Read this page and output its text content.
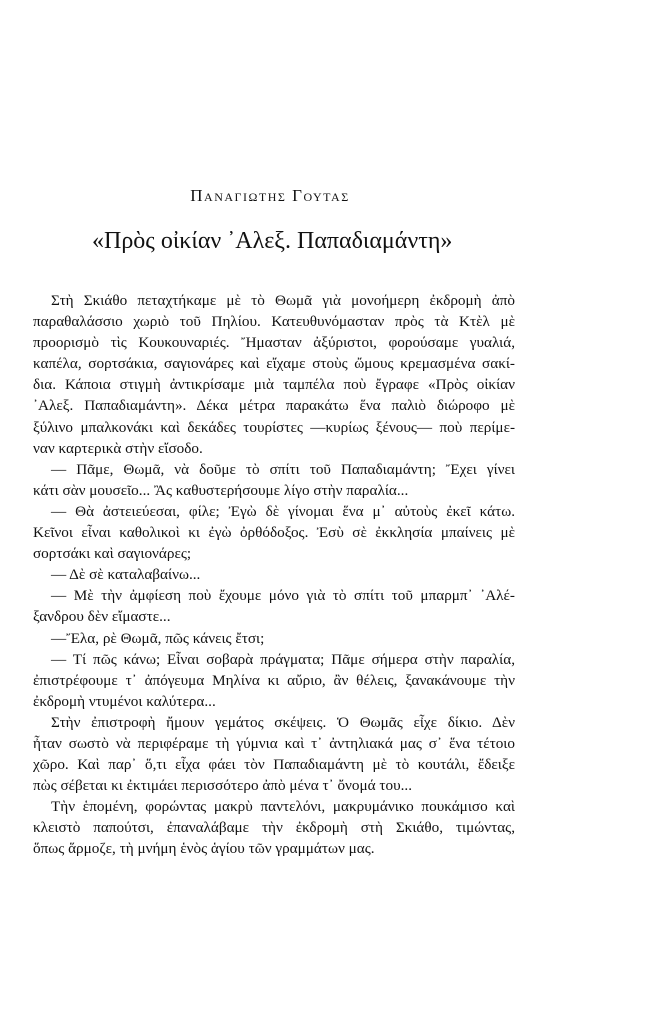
Παναγιωτης Γουτας
«Πρὸς οἰκίαν ᾿Αλεξ. Παπαδιαμάντη»
Στὴ Σκιάθο πεταχτήκαμε μὲ τὸ Θωμᾶ γιὰ μονοήμερη ἐκδρομὴ ἀπὸ
παραθαλάσσιο χωριὸ τοῦ Πηλίου. Κατευθυνόμασταν πρὸς τὰ Κτὲλ μὲ
προορισμὸ τὶς Κουκουναριές. Ἤμασταν ἀξύριστοι, φορούσαμε γυαλιά,
καπέλα, σορτσάκια, σαγιονάρες καὶ εἴχαμε στοὺς ὤμους κρεμασμένα σακί-
δια. Κάποια στιγμὴ ἀντικρίσαμε μιὰ ταμπέλα ποὺ ἔγραφε «Πρὸς οἰκίαν
᾿Αλεξ. Παπαδιαμάντη». Δέκα μέτρα παρακάτω ἕνα παλιὸ διώροφο μὲ
ξύλινο μπαλκονάκι καὶ δεκάδες τουρίστες —κυρίως ξένους— ποὺ περίμε-
ναν καρτερικὰ στὴν εἴσοδο.
— Πᾶμε, Θωμᾶ, νὰ δοῦμε τὸ σπίτι τοῦ Παπαδιαμάντη; Ἔχει γίνει
κάτι σὰν μουσεῖο... Ἂς καθυστερήσουμε λίγο στὴν παραλία...
— Θὰ ἀστειεύεσαι, φίλε; Ἐγὼ δὲ γίνομαι ἕνα μ᾽ αὐτοὺς ἐκεῖ κάτω.
Κεῖνοι εἶναι καθολικοὶ κι ἐγὼ ὀρθόδοξος. Ἐσὺ σὲ ἐκκλησία μπαίνεις μὲ
σορτσάκι καὶ σαγιονάρες;
— Δὲ σὲ καταλαβαίνω...
— Μὲ τὴν ἀμφίεση ποὺ ἔχουμε μόνο γιὰ τὸ σπίτι τοῦ μπαρμπ᾽ ᾿Αλέ-
ξανδρου δὲν εἴμαστε...
—Ἔλα, ρὲ Θωμᾶ, πῶς κάνεις ἔτσι;
— Τί πῶς κάνω; Εἶναι σοβαρὰ πράγματα; Πᾶμε σήμερα στὴν παραλία,
ἐπιστρέφουμε τ᾽ ἀπόγευμα Μηλίνα κι αὔριο, ἂν θέλεις, ξανακάνουμε τὴν
ἐκδρομὴ ντυμένοι καλύτερα...
Στὴν ἐπιστροφὴ ἤμουν γεμάτος σκέψεις. Ὁ Θωμᾶς εἶχε δίκιο. Δὲν
ἦταν σωστὸ νὰ περιφέραμε τὴ γύμνια καὶ τ᾽ ἀντηλιακά μας σ᾽ ἕνα τέτοιο
χῶρο. Καὶ παρ᾽ ὅ,τι εἶχα φάει τὸν Παπαδιαμάντη μὲ τὸ κουτάλι, ἔδειξε
πὼς σέβεται κι ἐκτιμάει περισσότερο ἀπὸ μένα τ᾽ ὄνομά του...
Τὴν ἑπομένη, φορώντας μακρὺ παντελόνι, μακρυμάνικο πουκάμισο καὶ
κλειστὸ παπούτσι, ἐπαναλάβαμε τὴν ἐκδρομὴ στὴ Σκιάθο, τιμώντας,
ὅπως ἅρμοζε, τὴ μνήμη ἑνὸς ἁγίου τῶν γραμμάτων μας.
